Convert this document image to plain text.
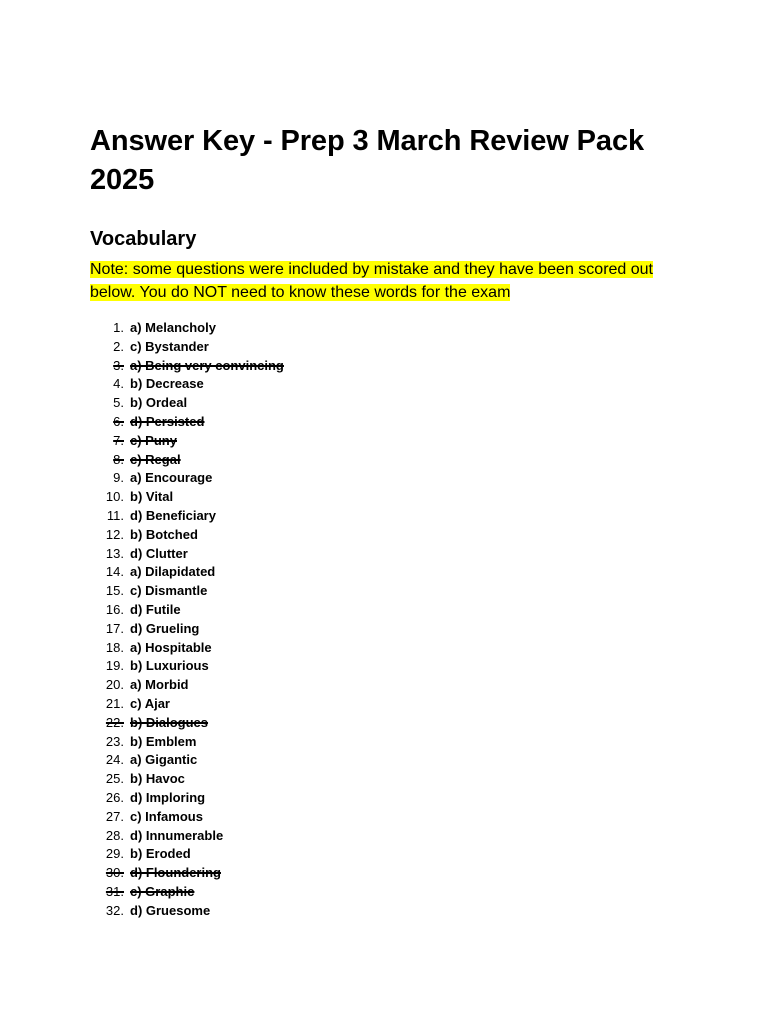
Answer Key - Prep 3 March Review Pack 2025
Vocabulary

Note: some questions were included by mistake and they have been scored out below. You do NOT need to know these words for the exam

1. a) Melancholy
2. c) Bystander
3. a) Being very convincing
4. b) Decrease
5. b) Ordeal
6. d) Persisted
7. c) Puny
8. c) Regal
9. a) Encourage
10. b) Vital
11. d) Beneficiary
12. b) Botched
13. d) Clutter
14. a) Dilapidated
15. c) Dismantle
16. d) Futile
17. d) Grueling
18. a) Hospitable
19. b) Luxurious
20. a) Morbid
21. c) Ajar
22. b) Dialogues
23. b) Emblem
24. a) Gigantic
25. b) Havoc
26. d) Imploring
27. c) Infamous
28. d) Innumerable
29. b) Eroded
30. d) Floundering
31. c) Graphic
32. d) Gruesome
